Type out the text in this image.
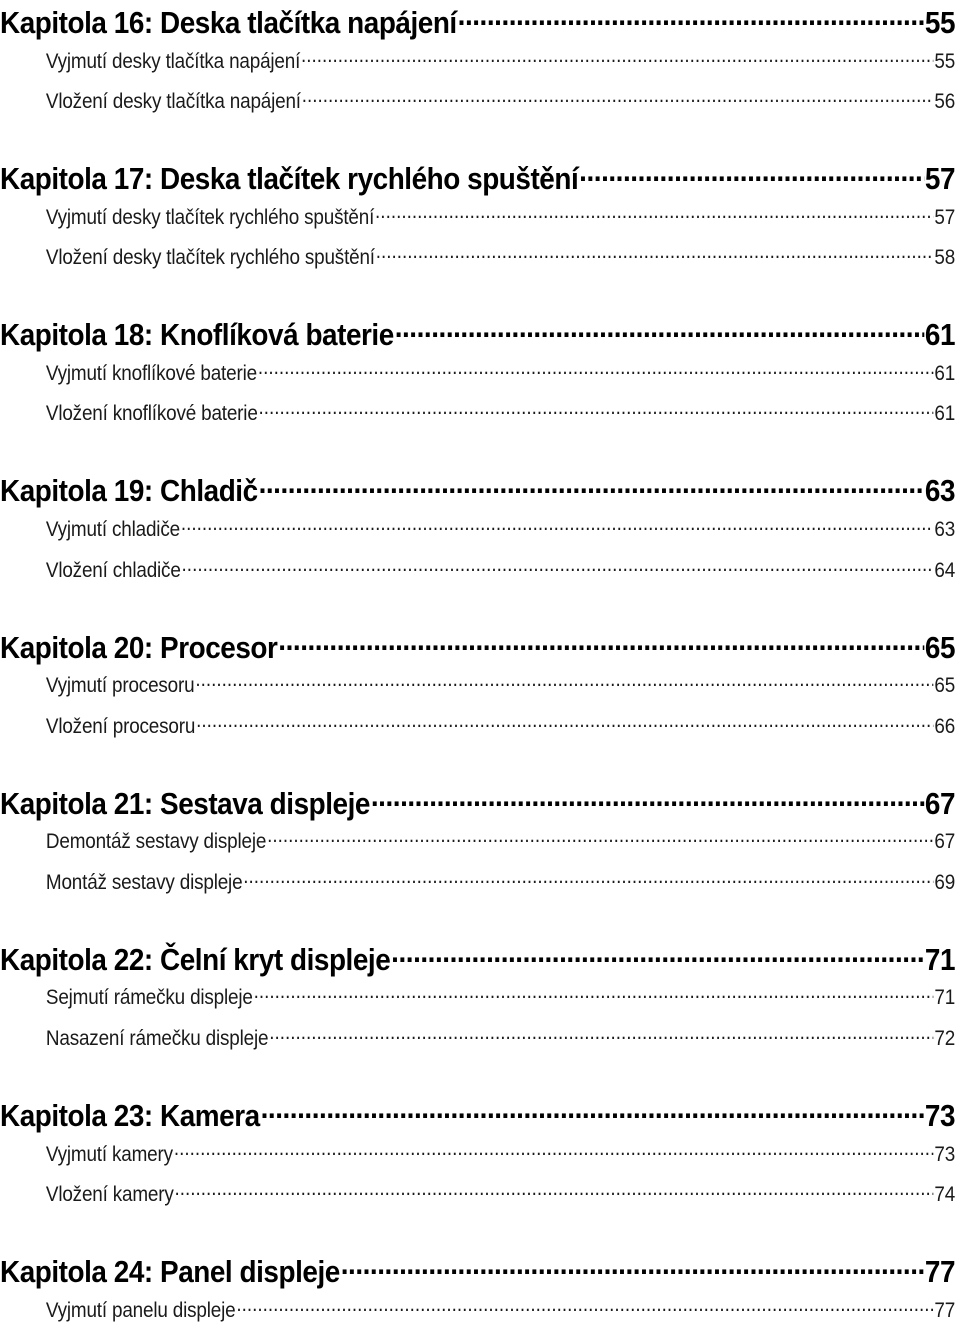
Kapitola 16: Deska tlačítka napájení .....	55
Vyjmutí desky tlačítka napájení .....	55
Vložení desky tlačítka napájení .....	56
Kapitola 17: Deska tlačítek rychlého spuštění .....	57
Vyjmutí desky tlačítek rychlého spuštění .....	57
Vložení desky tlačítek rychlého spuštění .....	58
Kapitola 18: Knoflíková baterie .....	61
Vyjmutí knoflíkové baterie .....	61
Vložení knoflíkové baterie .....	61
Kapitola 19: Chladič .....	63
Vyjmutí chladiče .....	63
Vložení chladiče .....	64
Kapitola 20: Procesor .....	65
Vyjmutí procesoru .....	65
Vložení procesoru .....	66
Kapitola 21: Sestava displeje .....	67
Demontáž sestavy displeje .....	67
Montáž sestavy displeje .....	69
Kapitola 22: Čelní kryt displeje .....	71
Sejmutí rámečku displeje .....	71
Nasazení rámečku displeje .....	72
Kapitola 23: Kamera .....	73
Vyjmutí kamery .....	73
Vložení kamery .....	74
Kapitola 24: Panel displeje .....	77
Vyjmutí panelu displeje .....	77
